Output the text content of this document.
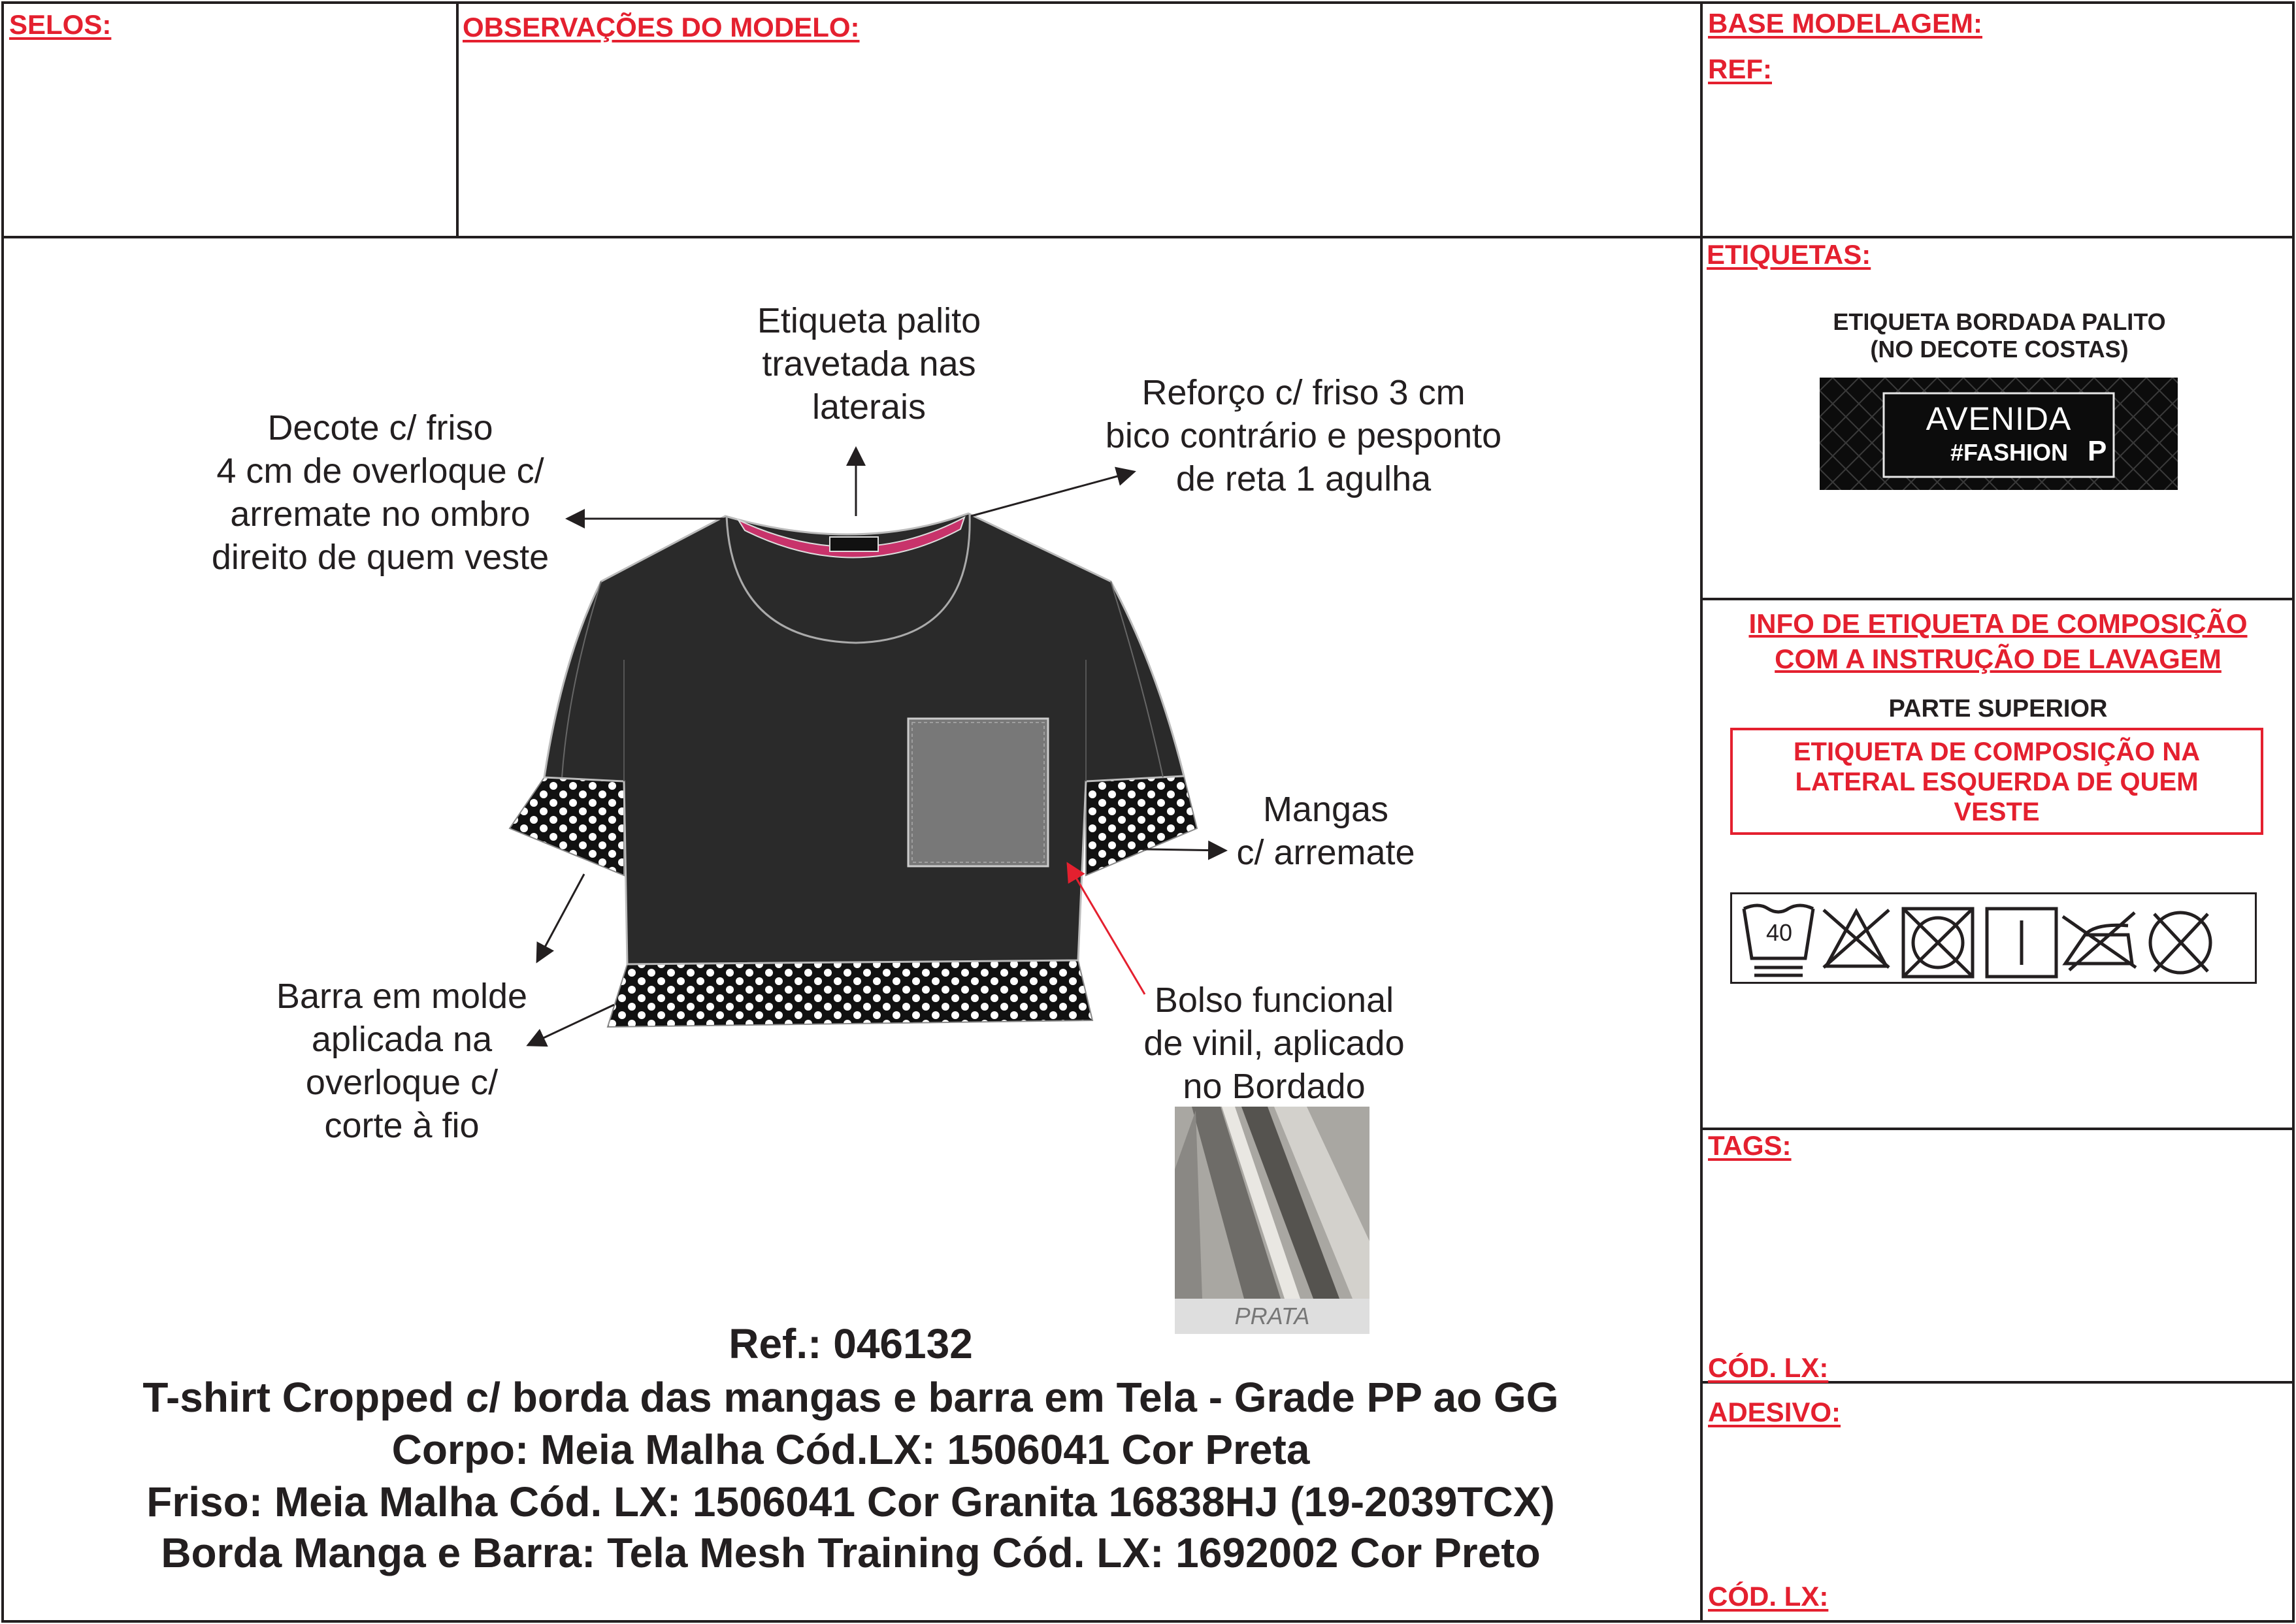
SELOS:	OBSERVAÇÕES DO MODELO:	BASE MODELAGEM:
REF:
ETIQUETAS:
ETIQUETA BORDADA PALITO
(NO DECOTE COSTAS)
AVENIDA
#FASHION P
INFO DE ETIQUETA DE COMPOSIÇÃO
COM A INSTRUÇÃO DE LAVAGEM
PARTE SUPERIOR
ETIQUETA DE COMPOSIÇÃO NA
LATERAL ESQUERDA DE QUEM
VESTE
40
TAGS:
CÓD. LX:
ADESIVO:
CÓD. LX:
Etiqueta palito
travetada nas
laterais
Decote c/ friso
4 cm de overloque c/
arremate no ombro
direito de quem veste
Reforço c/ friso 3 cm
bico contrário e pesponto
de reta 1 agulha
Mangas
c/ arremate
Barra em molde
aplicada na
overloque c/
corte à fio
Bolso funcional
de vinil, aplicado
no Bordado
PRATA
Ref.: 046132
T-shirt Cropped c/ borda das mangas e barra em Tela - Grade PP ao GG
Corpo: Meia Malha Cód.LX: 1506041 Cor Preta
Friso: Meia Malha Cód. LX: 1506041 Cor Granita 16838HJ (19-2039TCX)
Borda Manga e Barra: Tela Mesh Training Cód. LX: 1692002 Cor Preto
